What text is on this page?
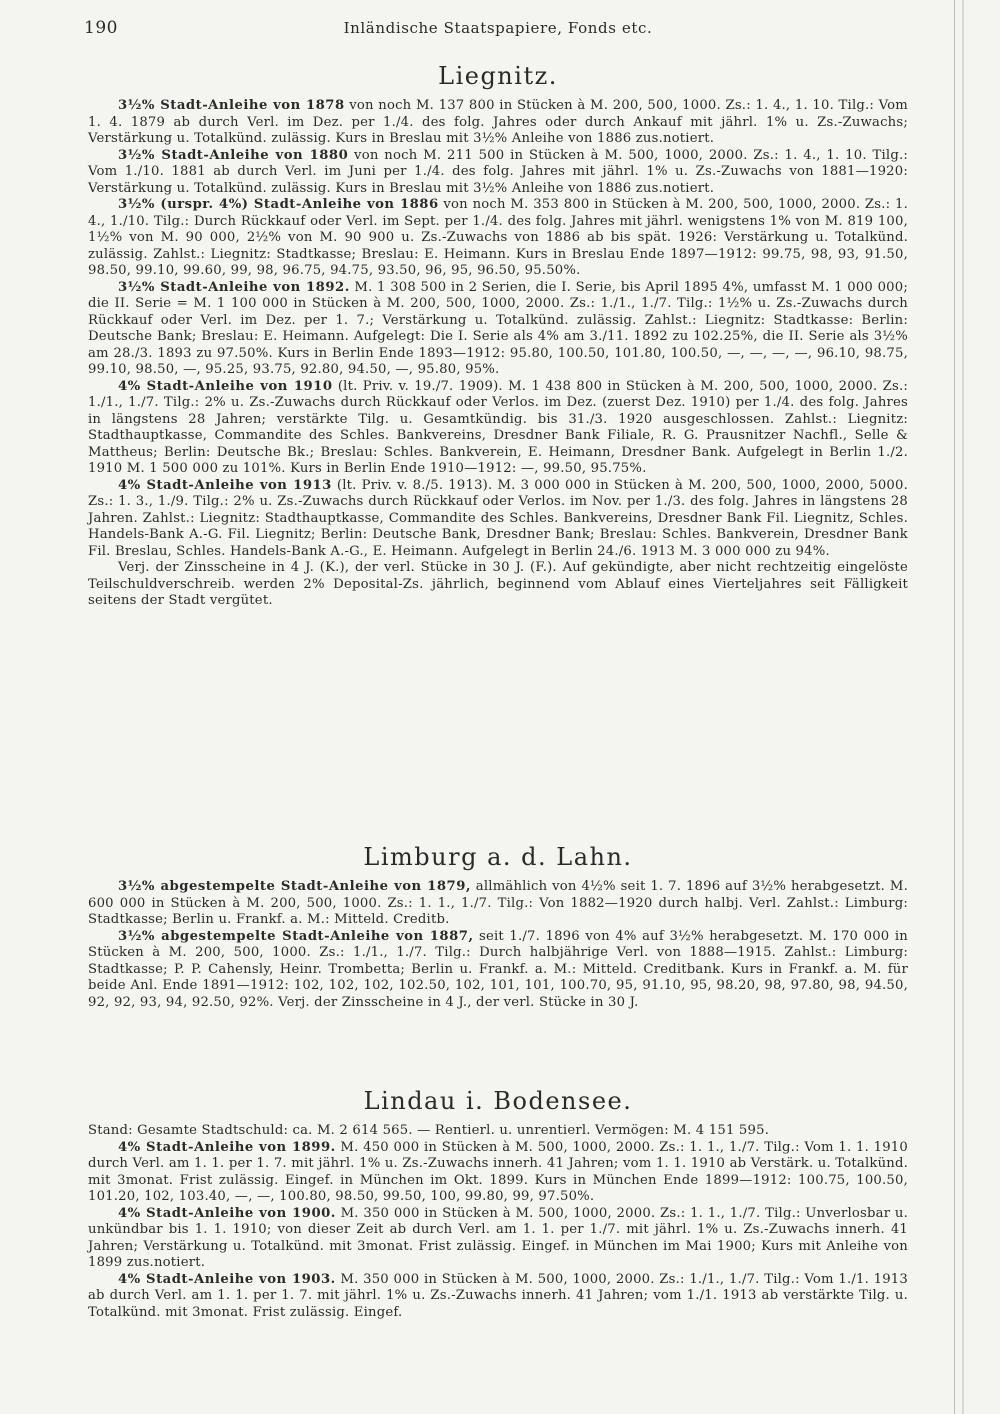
190	Inländische Staatspapiere, Fonds etc.
Liegnitz.

3½% Stadt-Anleihe von 1878 von noch M. 137 800 in Stücken à M. 200, 500, 1000. Zs.: 1. 4., 1. 10. Tilg.: Vom 1. 4. 1879 ab durch Verl. im Dez. per 1./4. des folg. Jahres oder durch Ankauf mit jährl. 1% u. Zs.-Zuwachs; Verstärkung u. Totalkünd. zulässig. Kurs in Breslau mit 3½% Anleihe von 1886 zus.notiert.

3½% Stadt-Anleihe von 1880 von noch M. 211 500 in Stücken à M. 500, 1000, 2000. Zs.: 1. 4., 1. 10. Tilg.: Vom 1./10. 1881 ab durch Verl. im Juni per 1./4. des folg. Jahres mit jährl. 1% u. Zs.-Zuwachs von 1881—1920: Verstärkung u. Totalkünd. zulässig. Kurs in Breslau mit 3½% Anleihe von 1886 zus.notiert.

3½% (urspr. 4%) Stadt-Anleihe von 1886 von noch M. 353 800 in Stücken à M. 200, 500, 1000, 2000. Zs.: 1. 4., 1./10. Tilg.: Durch Rückkauf oder Verl. im Sept. per 1./4. des folg. Jahres mit jährl. wenigstens 1% von M. 819 100, 1½% von M. 90 000, 2½% von M. 90 900 u. Zs.-Zuwachs von 1886 ab bis spät. 1926: Verstärkung u. Totalkünd. zulässig. Zahlst.: Liegnitz: Stadtkasse; Breslau: E. Heimann. Kurs in Breslau Ende 1897—1912: 99.75, 98, 93, 91.50, 98.50, 99.10, 99.60, 99, 98, 96.75, 94.75, 93.50, 96, 95, 96.50, 95.50%.

3½% Stadt-Anleihe von 1892. M. 1 308 500 in 2 Serien, die I. Serie, bis April 1895 4%, umfasst M. 1 000 000; die II. Serie = M. 1 100 000 in Stücken à M. 200, 500, 1000, 2000. Zs.: 1./1., 1./7. Tilg.: 1½% u. Zs.-Zuwachs durch Rückkauf oder Verl. im Dez. per 1. 7.; Verstärkung u. Totalkünd. zulässig. Zahlst.: Liegnitz: Stadtkasse: Berlin: Deutsche Bank; Breslau: E. Heimann. Aufgelegt: Die I. Serie als 4% am 3./11. 1892 zu 102.25%, die II. Serie als 3½% am 28./3. 1893 zu 97.50%. Kurs in Berlin Ende 1893—1912: 95.80, 100.50, 101.80, 100.50, —, —, —, —, 96.10, 98.75, 99.10, 98.50, —, 95.25, 93.75, 92.80, 94.50, —, 95.80, 95%.

4% Stadt-Anleihe von 1910 (lt. Priv. v. 19./7. 1909). M. 1 438 800 in Stücken à M. 200, 500, 1000, 2000. Zs.: 1./1., 1./7. Tilg.: 2% u. Zs.-Zuwachs durch Rückkauf oder Verlos. im Dez. (zuerst Dez. 1910) per 1./4. des folg. Jahres in längstens 28 Jahren; verstärkte Tilg. u. Gesamtkündig. bis 31./3. 1920 ausgeschlossen. Zahlst.: Liegnitz: Stadthauptkasse, Commandite des Schles. Bankvereins, Dresdner Bank Filiale, R. G. Prausnitzer Nachfl., Selle & Mattheus; Berlin: Deutsche Bk.; Breslau: Schles. Bankverein, E. Heimann, Dresdner Bank. Aufgelegt in Berlin 1./2. 1910 M. 1 500 000 zu 101%. Kurs in Berlin Ende 1910—1912: —, 99.50, 95.75%.

4% Stadt-Anleihe von 1913 (lt. Priv. v. 8./5. 1913). M. 3 000 000 in Stücken à M. 200, 500, 1000, 2000, 5000. Zs.: 1. 3., 1./9. Tilg.: 2% u. Zs.-Zuwachs durch Rückkauf oder Verlos. im Nov. per 1./3. des folg. Jahres in längstens 28 Jahren. Zahlst.: Liegnitz: Stadthauptkasse, Commandite des Schles. Bankvereins, Dresdner Bank Fil. Liegnitz, Schles. Handels-Bank A.-G. Fil. Liegnitz; Berlin: Deutsche Bank, Dresdner Bank; Breslau: Schles. Bankverein, Dresdner Bank Fil. Breslau, Schles. Handels-Bank A.-G., E. Heimann. Aufgelegt in Berlin 24./6. 1913 M. 3 000 000 zu 94%.

Verj. der Zinsscheine in 4 J. (K.), der verl. Stücke in 30 J. (F.). Auf gekündigte, aber nicht rechtzeitig eingelöste Teilschuldverschreib. werden 2% Deposital-Zs. jährlich, beginnend vom Ablauf eines Vierteljahres seit Fälligkeit seitens der Stadt vergütet.

Limburg a. d. Lahn.

3½% abgestempelte Stadt-Anleihe von 1879, allmählich von 4½% seit 1. 7. 1896 auf 3½% herabgesetzt. M. 600 000 in Stücken à M. 200, 500, 1000. Zs.: 1. 1., 1./7. Tilg.: Von 1882—1920 durch halbj. Verl. Zahlst.: Limburg: Stadtkasse; Berlin u. Frankf. a. M.: Mitteld. Creditb.

3½% abgestempelte Stadt-Anleihe von 1887, seit 1./7. 1896 von 4% auf 3½% herabgesetzt. M. 170 000 in Stücken à M. 200, 500, 1000. Zs.: 1./1., 1./7. Tilg.: Durch halbjährige Verl. von 1888—1915. Zahlst.: Limburg: Stadtkasse; P. P. Cahensly, Heinr. Trombetta; Berlin u. Frankf. a. M.: Mitteld. Creditbank. Kurs in Frankf. a. M. für beide Anl. Ende 1891—1912: 102, 102, 102, 102.50, 102, 101, 101, 100.70, 95, 91.10, 95, 98.20, 98, 97.80, 98, 94.50, 92, 92, 93, 94, 92.50, 92%. Verj. der Zinsscheine in 4 J., der verl. Stücke in 30 J.

Lindau i. Bodensee.

Stand: Gesamte Stadtschuld: ca. M. 2 614 565. — Rentierl. u. unrentierl. Vermögen: M. 4 151 595.

4% Stadt-Anleihe von 1899. M. 450 000 in Stücken à M. 500, 1000, 2000. Zs.: 1. 1., 1./7. Tilg.: Vom 1. 1. 1910 durch Verl. am 1. 1. per 1. 7. mit jährl. 1% u. Zs.-Zuwachs innerh. 41 Jahren; vom 1. 1. 1910 ab Verstärk. u. Totalkünd. mit 3monat. Frist zulässig. Eingef. in München im Okt. 1899. Kurs in München Ende 1899—1912: 100.75, 100.50, 101.20, 102, 103.40, —, —, 100.80, 98.50, 99.50, 100, 99.80, 99, 97.50%.

4% Stadt-Anleihe von 1900. M. 350 000 in Stücken à M. 500, 1000, 2000. Zs.: 1. 1., 1./7. Tilg.: Unverlosbar u. unkündbar bis 1. 1. 1910; von dieser Zeit ab durch Verl. am 1. 1. per 1./7. mit jährl. 1% u. Zs.-Zuwachs innerh. 41 Jahren; Verstärkung u. Totalkünd. mit 3monat. Frist zulässig. Eingef. in München im Mai 1900; Kurs mit Anleihe von 1899 zus.notiert.

4% Stadt-Anleihe von 1903. M. 350 000 in Stücken à M. 500, 1000, 2000. Zs.: 1./1., 1./7. Tilg.: Vom 1./1. 1913 ab durch Verl. am 1. 1. per 1. 7. mit jährl. 1% u. Zs.-Zuwachs innerh. 41 Jahren; vom 1./1. 1913 ab verstärkte Tilg. u. Totalkünd. mit 3monat. Frist zulässig. Eingef.
